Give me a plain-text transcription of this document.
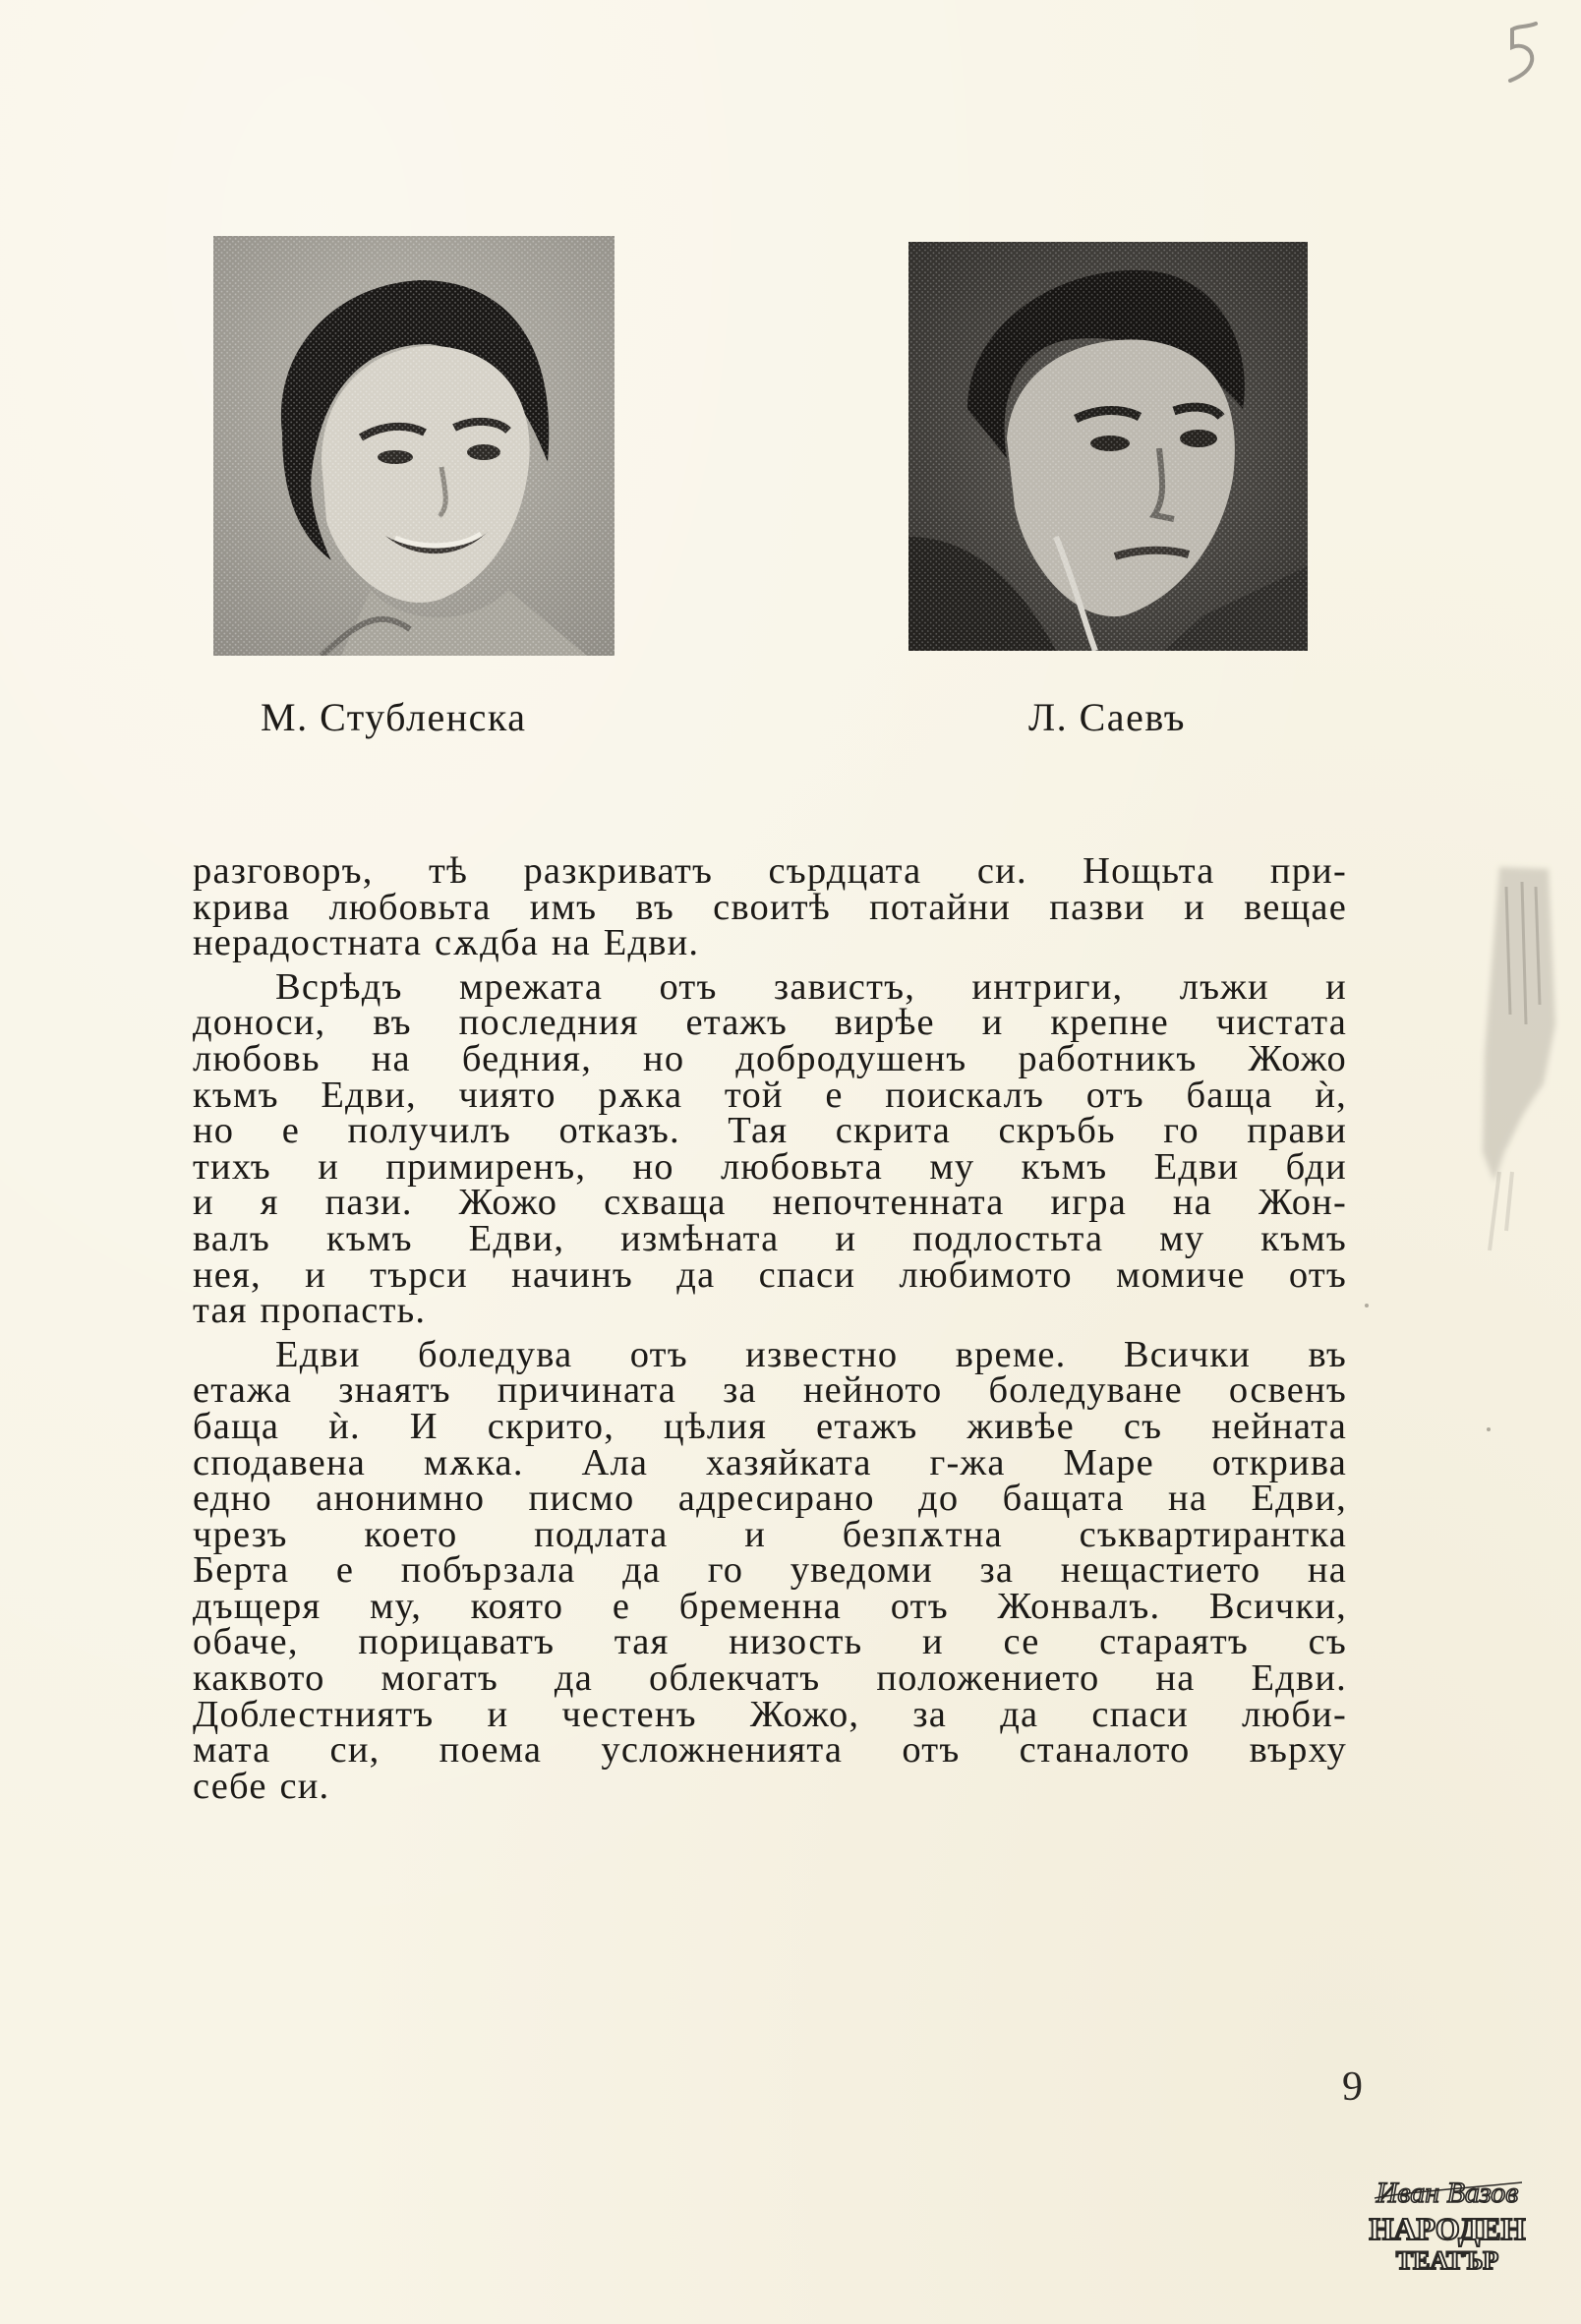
М. Стубленска	Л. Саевъ
разговоръ, тѣ разкриватъ сърдцата си. Нощьта при-
крива любовьта имъ въ своитѣ потайни пазви и вещае
нерадостната сѫдба на Едви.
Всрѣдъ мрежата отъ завистъ, интриги, лъжи и
доноси, въ последния етажъ вирѣе и крепне чистата
любовь на бедния, но добродушенъ работникъ Жожо
къмъ Едви, чиято рѫка той е поискалъ отъ баща ѝ,
но е получилъ отказъ. Тая скрита скръбь го прави
тихъ и примиренъ, но любовьта му къмъ Едви бди
и я пази. Жожо схваща непочтенната игра на Жон-
валъ къмъ Едви, измѣната и подлостьта му къмъ
нея, и търси начинъ да спаси любимото момиче отъ
тая пропасть.
Едви боледува отъ известно време. Всички въ
етажа знаятъ причината за нейното боледуване освенъ
баща ѝ. И скрито, цѣлия етажъ живѣе съ нейната
сподавена мѫка. Ала хазяйката г-жа Маре открива
едно анонимно писмо адресирано до бащата на Едви,
чрезъ което подлата и безпѫтна съквартирантка
Берта е побързала да го уведоми за нещастието на
дъщеря му, която е бременна отъ Жонвалъ. Всички,
обаче, порицаватъ тая низость и се стараятъ съ
каквото могатъ да облекчатъ положението на Едви.
Доблестниятъ и честенъ Жожо, за да спаси люби-
мата си, поема усложненията отъ станалото върху
себе си.
9
Иван Вазов
НАРОДЕН
ТЕАТЪР
